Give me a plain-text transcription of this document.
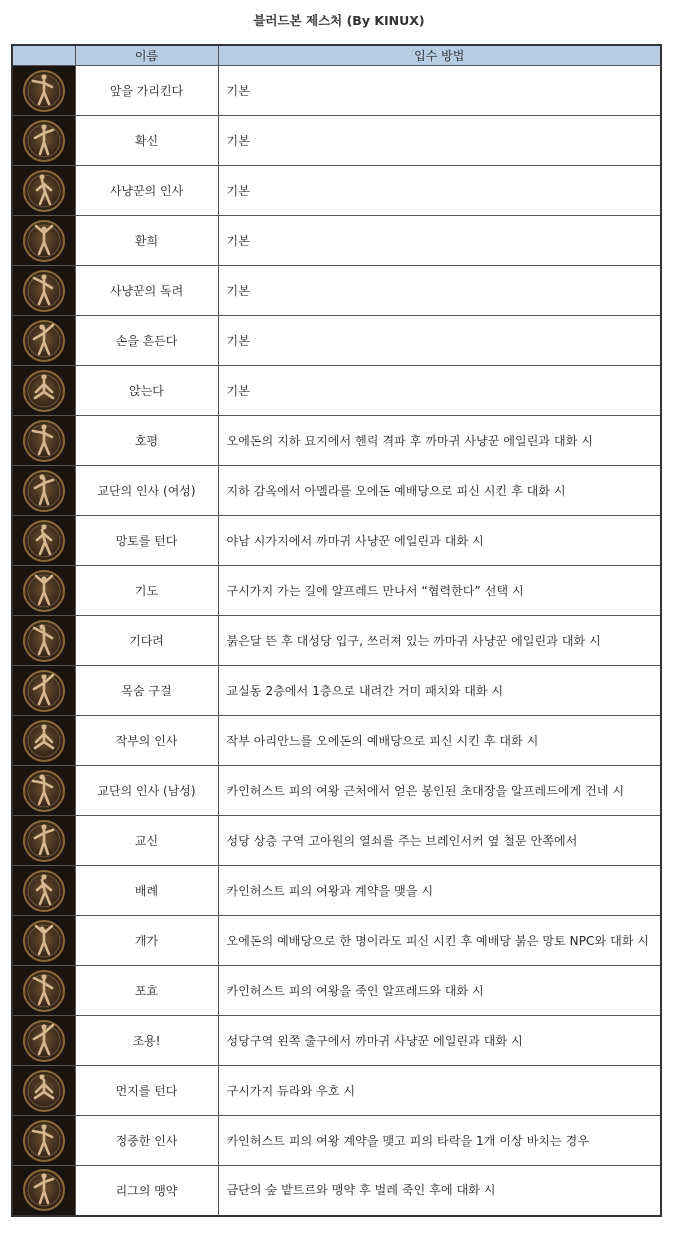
블러드본 제스처 (By KINUX)
	이름	입수 방법

	앞을 가리킨다	기본

	확신	기본

	사냥꾼의 인사	기본

	환희	기본

	사냥꾼의 독려	기본

	손을 흔든다	기본

	앉는다	기본

	호평	오에돈의 지하 묘지에서 헨릭 격파 후 까마귀 사냥꾼 에일린과 대화 시

	교단의 인사 (여성)	지하 감옥에서 아멜라를 오에돈 예배당으로 피신 시킨 후 대화 시

	망토를 턴다	야남 시가지에서 까마귀 사냥꾼 에일린과 대화 시

	기도	구시가지 가는 길에 알프레드 만나서 “협력한다” 선택 시

	기다려	붉은달 뜬 후 대성당 입구, 쓰러져 있는 까마귀 사냥꾼 에일린과 대화 시

	목숨 구걸	교실동 2층에서 1층으로 내려간 거미 패치와 대화 시

	작부의 인사	작부 아리안느를 오에돈의 예배당으로 피신 시킨 후 대화 시

	교단의 인사 (남성)	카인허스트 피의 여왕 근처에서 얻은 봉인된 초대장을 알프레드에게 건네 시

	교신	성당 상층 구역 고아원의 열쇠를 주는 브레인서커 옆 철문 안쪽에서

	배례	카인허스트 피의 여왕과 계약을 맺을 시

	개가	오에돈의 예배당으로 한 명이라도 피신 시킨 후 예배당 붉은 망토 NPC와 대화 시

	포효	카인허스트 피의 여왕을 죽인 알프레드와 대화 시

	조용!	성당구역 왼쪽 출구에서 까마귀 사냥꾼 에일린과 대화 시

	먼지를 턴다	구시가지 듀라와 우호 시

	정중한 인사	카인허스트 피의 여왕 계약을 맺고 피의 타락을 1개 이상 바치는 경우

	리그의 맹약	금단의 숲 밭트르와 맹약 후 벌레 죽인 후에 대화 시
